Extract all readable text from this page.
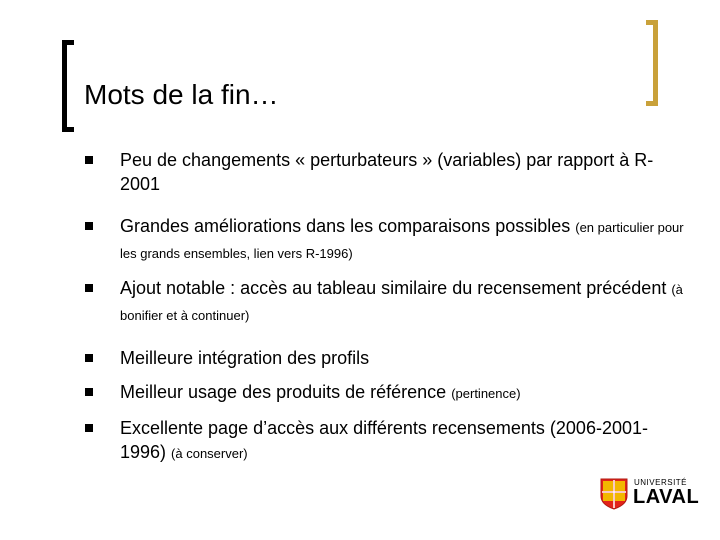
Mots de la fin…
Peu de changements « perturbateurs » (variables) par rapport à R-2001
Grandes améliorations dans les comparaisons possibles (en particulier pour les grands ensembles, lien vers R-1996)
Ajout notable : accès au tableau similaire du recensement précédent (à bonifier et à continuer)
Meilleure intégration des profils
Meilleur usage des produits de référence (pertinence)
Excellente page d’accès aux différents recensements (2006-2001-1996) (à conserver)
UNIVERSITÉ
LAVAL
